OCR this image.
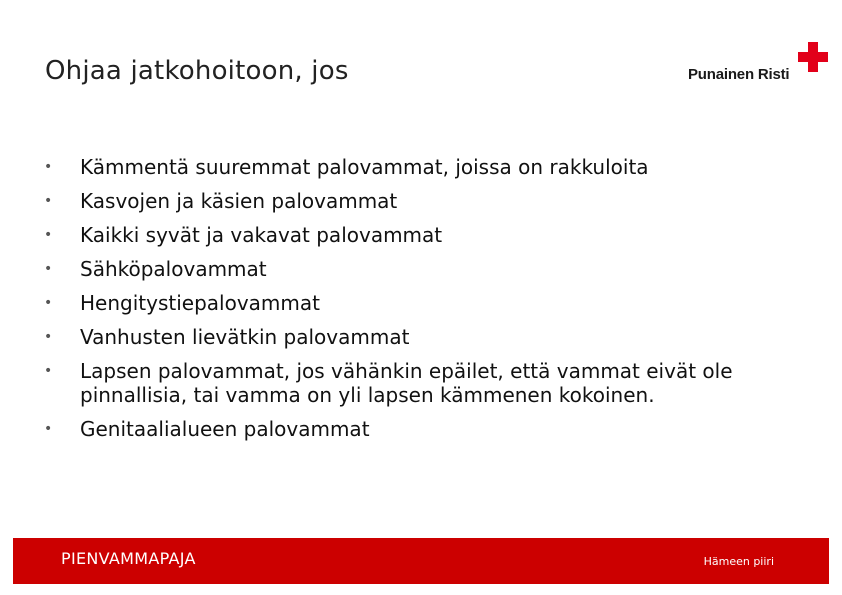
Ohjaa jatkohoitoon, jos	Punainen Risti
• Kämmentä suuremmat palovammat, joissa on rakkuloita
• Kasvojen ja käsien palovammat
• Kaikki syvät ja vakavat palovammat
• Sähköpalovammat
• Hengitystiepalovammat
• Vanhusten lievätkin palovammat
• Lapsen palovammat, jos vähänkin epäilet, että vammat eivät ole pinnallisia, tai vamma on yli lapsen kämmenen kokoinen.
• Genitaalialueen palovammat
PIENVAMMAPAJA	Hämeen piiri
